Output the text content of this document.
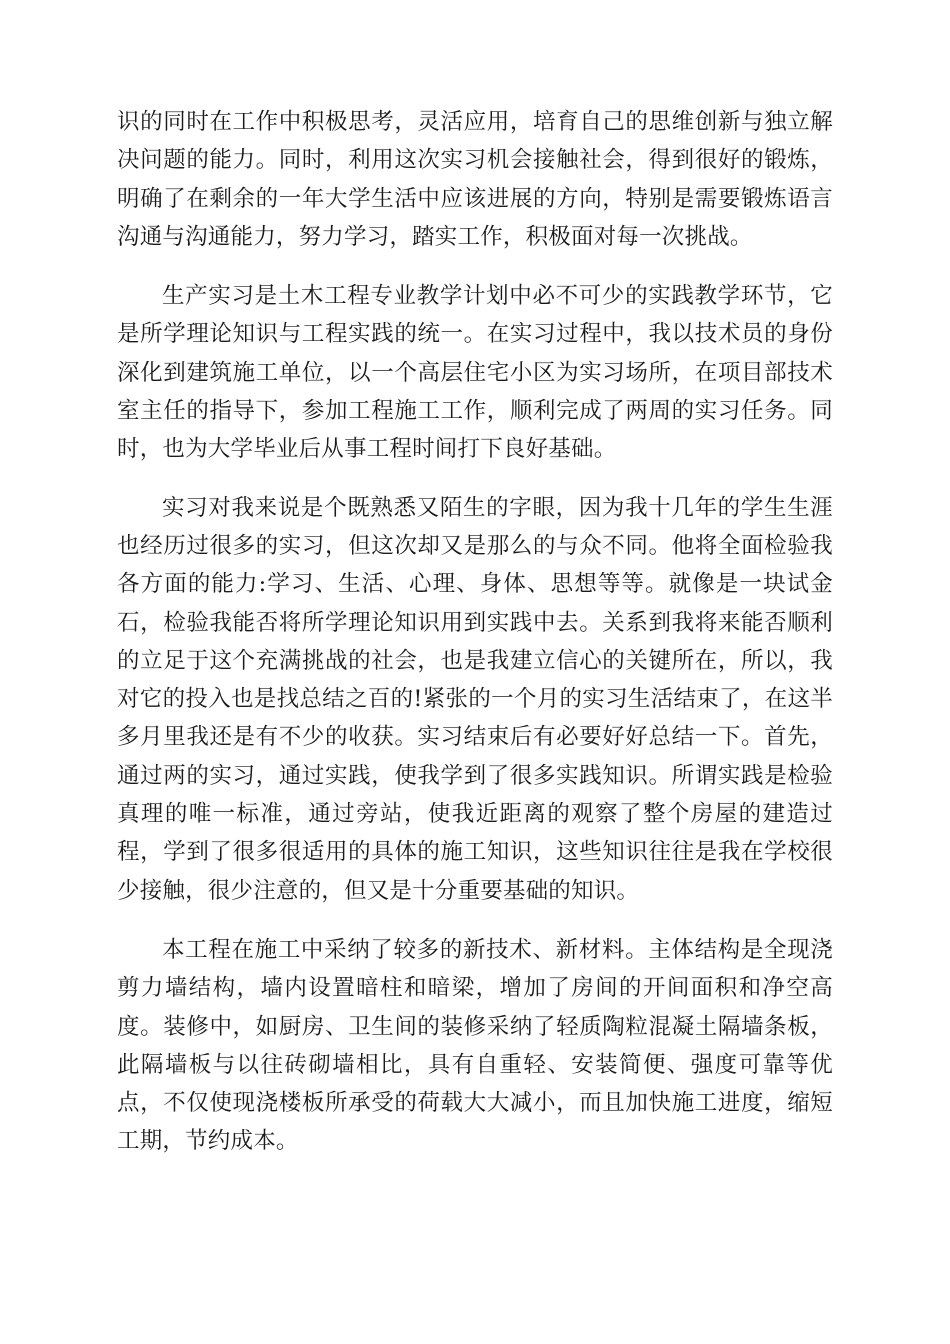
识的同时在工作中积极思考，灵活应用，培育自己的思维创新与独立解决问题的能力。同时，利用这次实习机会接触社会，得到很好的锻炼，明确了在剩余的一年大学生活中应该进展的方向，特别是需要锻炼语言沟通与沟通能力，努力学习，踏实工作，积极面对每一次挑战。

生产实习是土木工程专业教学计划中必不可少的实践教学环节，它是所学理论知识与工程实践的统一。在实习过程中，我以技术员的身份深化到建筑施工单位，以一个高层住宅小区为实习场所，在项目部技术室主任的指导下，参加工程施工工作，顺利完成了两周的实习任务。同时，也为大学毕业后从事工程时间打下良好基础。

实习对我来说是个既熟悉又陌生的字眼，因为我十几年的学生生涯也经历过很多的实习，但这次却又是那么的与众不同。他将全面检验我各方面的能力:学习、生活、心理、身体、思想等等。就像是一块试金石，检验我能否将所学理论知识用到实践中去。关系到我将来能否顺利的立足于这个充满挑战的社会，也是我建立信心的关键所在，所以，我对它的投入也是找总结之百的!紧张的一个月的实习生活结束了，在这半多月里我还是有不少的收获。实习结束后有必要好好总结一下。首先，通过两的实习，通过实践，使我学到了很多实践知识。所谓实践是检验真理的唯一标准，通过旁站，使我近距离的观察了整个房屋的建造过程，学到了很多很适用的具体的施工知识，这些知识往往是我在学校很少接触，很少注意的，但又是十分重要基础的知识。

本工程在施工中采纳了较多的新技术、新材料。主体结构是全现浇剪力墙结构，墙内设置暗柱和暗梁，增加了房间的开间面积和净空高度。装修中，如厨房、卫生间的装修采纳了轻质陶粒混凝土隔墙条板，此隔墙板与以往砖砌墙相比，具有自重轻、安装简便、强度可靠等优点，不仅使现浇楼板所承受的荷载大大减小，而且加快施工进度，缩短工期，节约成本。
